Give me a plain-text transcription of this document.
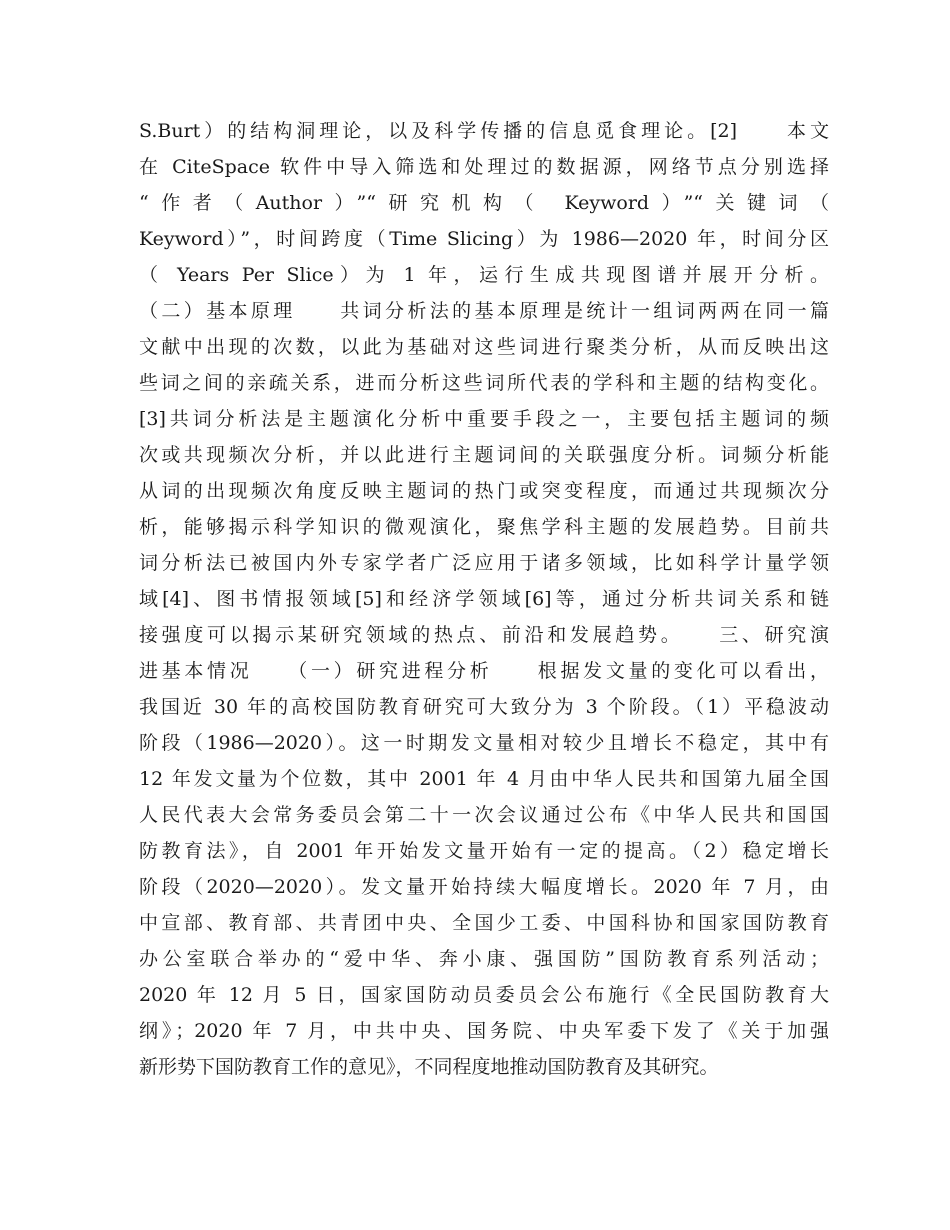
S.Burt）的结构洞理论，以及科学传播的信息觅食理论。[2]　　本文
在 CiteSpace 软件中导入筛选和处理过的数据源，网络节点分别选择
“作者（Author）”“研究机构（ Keyword）”“关键词（
Keyword）”，时间跨度（Time Slicing）为 1986—2020 年，时间分区
（ Years Per Slice）为 1 年，运行生成共现图谱并展开分析。
（二）基本原理　　共词分析法的基本原理是统计一组词两两在同一篇
文献中出现的次数，以此为基础对这些词进行聚类分析，从而反映出这
些词之间的亲疏关系，进而分析这些词所代表的学科和主题的结构变化。
[3]共词分析法是主题演化分析中重要手段之一，主要包括主题词的频
次或共现频次分析，并以此进行主题词间的关联强度分析。词频分析能
从词的出现频次角度反映主题词的热门或突变程度，而通过共现频次分
析，能够揭示科学知识的微观演化，聚焦学科主题的发展趋势。目前共
词分析法已被国内外专家学者广泛应用于诸多领域，比如科学计量学领
域[4]、图书情报领域[5]和经济学领域[6]等，通过分析共词关系和链
接强度可以揭示某研究领域的热点、前沿和发展趋势。　　三、研究演
进基本情况　　（一）研究进程分析　　根据发文量的变化可以看出，
我国近 30 年的高校国防教育研究可大致分为 3 个阶段。（1）平稳波动
阶段（1986—2020）。这一时期发文量相对较少且增长不稳定，其中有
12 年发文量为个位数，其中 2001 年 4 月由中华人民共和国第九届全国
人民代表大会常务委员会第二十一次会议通过公布《中华人民共和国国
防教育法》，自 2001 年开始发文量开始有一定的提高。（2）稳定增长
阶段（2020—2020）。发文量开始持续大幅度增长。2020 年 7 月，由
中宣部、教育部、共青团中央、全国少工委、中国科协和国家国防教育
办公室联合举办的“爱中华、奔小康、强国防”国防教育系列活动；
2020 年 12 月 5 日，国家国防动员委员会公布施行《全民国防教育大
纲》；2020 年 7 月，中共中央、国务院、中央军委下发了《关于加强
新形势下国防教育工作的意见》，不同程度地推动国防教育及其研究。
